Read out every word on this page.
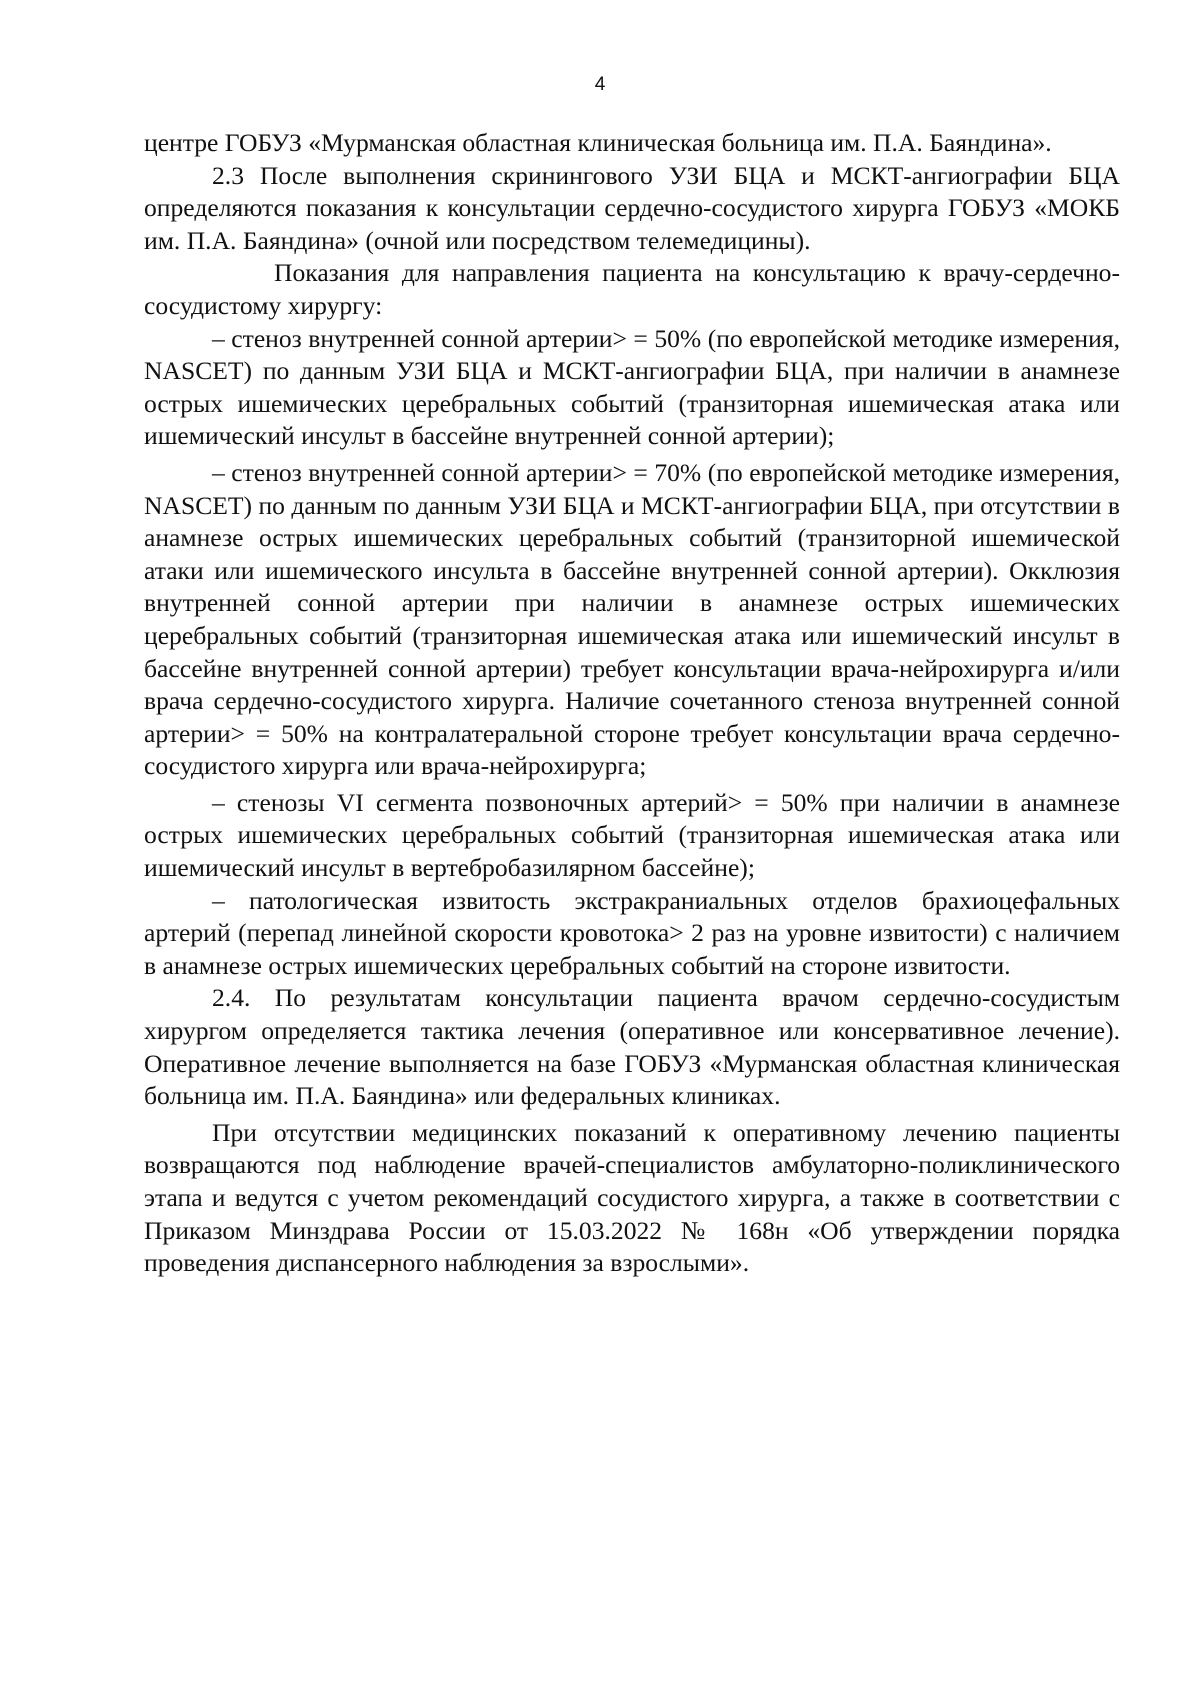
4

центре ГОБУЗ «Мурманская областная клиническая больница им. П.А. Баяндина».

2.3 После выполнения скринингового УЗИ БЦА и МСКТ-ангиографии БЦА определяются показания к консультации сердечно-сосудистого хирурга ГОБУЗ «МОКБ им. П.А. Баяндина» (очной или посредством телемедицины).

Показания для направления пациента на консультацию к врачу-сердечно-сосудистому хирургу:

– стеноз внутренней сонной артерии> = 50% (по европейской методике измерения, NASCET) по данным УЗИ БЦА и МСКТ-ангиографии БЦА, при наличии в анамнезе острых ишемических церебральных событий (транзиторная ишемическая атака или ишемический инсульт в бассейне внутренней сонной артерии);

– стеноз внутренней сонной артерии> = 70% (по европейской методике измерения, NASCET) по данным по данным УЗИ БЦА и МСКТ-ангиографии БЦА, при отсутствии в анамнезе острых ишемических церебральных событий (транзиторной ишемической атаки или ишемического инсульта в бассейне внутренней сонной артерии). Окклюзия внутренней сонной артерии при наличии в анамнезе острых ишемических церебральных событий (транзиторная ишемическая атака или ишемический инсульт в бассейне внутренней сонной артерии) требует консультации врача-нейрохирурга и/или врача сердечно-сосудистого хирурга. Наличие сочетанного стеноза внутренней сонной артерии> = 50% на контралатеральной стороне требует консультации врача сердечно-сосудистого хирурга или врача-нейрохирурга;

– стенозы VI сегмента позвоночных артерий> = 50% при наличии в анамнезе острых ишемических церебральных событий (транзиторная ишемическая атака или ишемический инсульт в вертебробазилярном бассейне);

– патологическая извитость экстракраниальных отделов брахиоцефальных артерий (перепад линейной скорости кровотока> 2 раз на уровне извитости) с наличием в анамнезе острых ишемических церебральных событий на стороне извитости.

2.4. По результатам консультации пациента врачом сердечно-сосудистым хирургом определяется тактика лечения (оперативное или консервативное лечение). Оперативное лечение выполняется на базе ГОБУЗ «Мурманская областная клиническая больница им. П.А. Баяндина» или федеральных клиниках.

При отсутствии медицинских показаний к оперативному лечению пациенты возвращаются под наблюдение врачей-специалистов амбулаторно-поликлинического этапа и ведутся с учетом рекомендаций сосудистого хирурга, а также в соответствии с Приказом Минздрава России от 15.03.2022 № 168н «Об утверждении порядка проведения диспансерного наблюдения за взрослыми».
